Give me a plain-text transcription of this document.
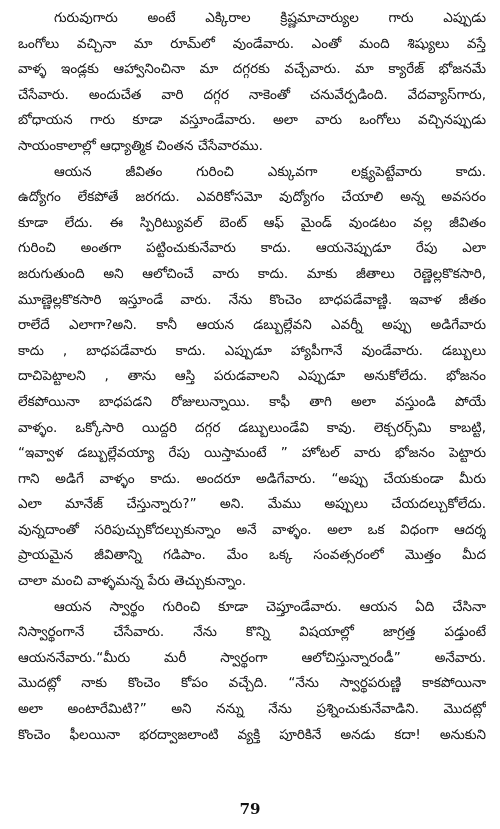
గురువుగారు అంటే ఎక్కిరాల క్రిష్ణమాచార్యుల గారు ఎప్పుడు
ఒంగోలు వచ్చినా మా రూమ్‌లో వుండేవారు. ఎంతో మంది శిష్యులు వస్తే
వాళ్ళ ఇండ్లకు ఆహ్వానించినా మా దగ్గరకు వచ్చేవారు. మా క్యారేజ్ భోజనమే
చేసేవారు. అందుచేత వారి దగ్గర నాకెంతో చనువేర్పడింది. వేదవ్యాస్‌గారు,
బోధాయన గారు కూడా వస్తూండేవారు. అలా వారు ఒంగోలు వచ్చినప్పుడు
సాయంకాలాల్లో ఆధ్యాత్మిక చింతన చేసేవారము.
ఆయన జీవితం గురించి ఎక్కువగా లక్ష్యపెట్టేవారు కాదు.
ఉద్యోగం లేకపోతే జరగదు. ఎవరికోసమో వుద్యోగం చేయాలి అన్న అవసరం
కూడా లేదు. ఈ స్పిరిట్యువల్ బెంట్ ఆఫ్ మైండ్ వుండటం వల్ల జీవితం
గురించి అంతగా పట్టించుకునేవారు కాదు. ఆయనెప్పుడూ రేపు ఎలా
జరుగుతుంది అని ఆలోచించే వారు కాదు. మాకు జీతాలు రెణ్ణెల్లకొకసారి,
మూణ్ణెల్లకొకసారి ఇస్తూండే వారు. నేను కొంచెం బాధపడేవాణ్ణి. ఇవాళ జీతం
రాలేదే ఎలాగా?అని. కానీ ఆయన డబ్బుల్లేవని ఎవర్నీ అప్పు అడిగేవారు
కాదు , బాధపడేవారు కాదు. ఎప్పుడూ హ్యాపీగానే వుండేవారు. డబ్బులు
దాచిపెట్టాలని , తాను ఆస్తి పరుడవాలని ఎప్పుడూ అనుకోలేదు. భోజనం
లేకపోయినా బాధపడని రోజులున్నాయి. కాఫీ తాగి అలా వస్తుండి పోయే
వాళ్ళం. ఒక్కోసారి యిద్దరి దగ్గర డబ్బులుండేవి కావు. లెక్చరర్స్‌మి కాబట్టి,
“ఇవ్వాళ డబ్బుల్లేవయ్యా రేపు యిస్తామంటే ” హోటల్ వారు భోజనం పెట్టారు
గాని అడిగే వాళ్ళం కాదు. అందరూ అడిగేవారు. “అప్పు చేయకుండా మీరు
ఎలా మానేజ్ చేస్తున్నారు?” అని. మేము అప్పులు చేయదల్చుకోలేదు.
వున్నదాంతో సరిపుచ్చుకోదల్చుకున్నాం అనే వాళ్ళం. అలా ఒక విధంగా ఆదర్శ
ప్రాయమైన జీవితాన్ని గడిపాం. మేం ఒక్క సంవత్సరంలో మొత్తం మీద
చాలా మంచి వాళ్ళమన్న పేరు తెచ్చుకున్నాం.
ఆయన స్వార్థం గురించి కూడా చెప్తూండేవారు. ఆయన ఏది చేసినా
నిస్వార్థంగానే చేసేవారు. నేను కొన్ని విషయాల్లో జాగ్రత్త పడ్తుంటే
ఆయననేవారు.“మీరు మరీ స్వార్థంగా ఆలోచిస్తున్నారండీ” అనేవారు.
మొదట్లో నాకు కొంచెం కోపం వచ్చేది. “నేను స్వార్థపరుణ్ణి కాకపోయినా
అలా అంటారేమిటి?” అని నన్ను నేను ప్రశ్నించుకునేవాడిని. మొదట్లో
కొంచెం ఫీలయినా భరద్వాజలాంటి వ్యక్తి పూరికినే అనడు కదా! అనుకుని
79
